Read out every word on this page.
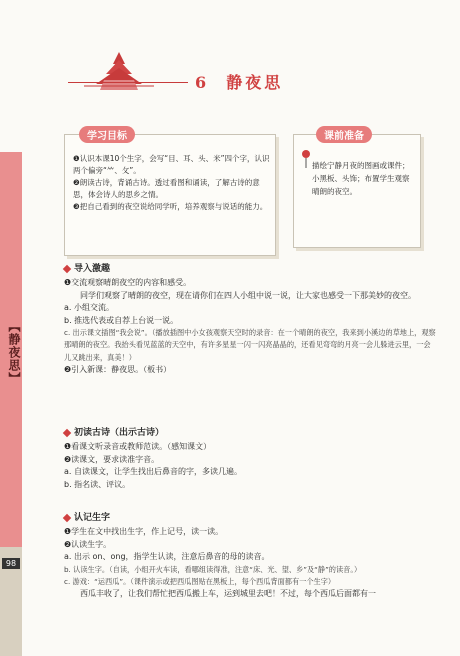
【静夜思】
98
6 静夜思
学习目标
❶认识本课10个生字，会写“目、耳、头、米”四个字，认识两个偏旁“⺮、攵”。
❷朗读古诗，背诵古诗。透过看图和诵读，了解古诗的意思，体会诗人的思乡之情。
❸把自己看到的夜空说给同学听，培养观察与说话的能力。
课前准备
描绘宁静月夜的图画或课件；小黑板、头饰；布置学生观察晴朗的夜空。
导入激趣
❶交流观察晴朗夜空的内容和感受。
同学们观察了晴朗的夜空，现在请你们在四人小组中说一说，让大家也感受一下那美妙的夜空。
a. 小组交流。
b. 推选代表或自荐上台说一说。
c. 出示课文插图“我会说”。（播放插图中小女孩观察天空时的录音：在一个晴朗的夜空，我来到小溪边的草地上，观察那晴朗的夜空。我抬头看见蓝蓝的天空中，有许多星星一闪一闪亮晶晶的，还看见弯弯的月亮一会儿躲进云里，一会儿又跳出来，真美！）
❷引入新课：静夜思。（板书）
初读古诗（出示古诗）
❶看课文听录音或教师范读。（感知课文）
❷读课文，要求读准字音。
a. 自读课文，让学生找出后鼻音的字，多读几遍。
b. 指名读、评议。
认记生字
❶学生在文中找出生字，作上记号，读一读。
❷认读生字。
a. 出示 on、ong，指学生认读，注意后鼻音的母的读音。
b. 认读生字。（自读，小组开火车读，看哪组读得准，注意“床、光、望、乡”及“静”的读音。）
c. 游戏：“运西瓜”。（课件演示或把西瓜图贴在黑板上，每个西瓜背面都有一个生字）
西瓜丰收了，让我们帮忙把西瓜搬上车，运到城里去吧！不过，每个西瓜后面都有一
